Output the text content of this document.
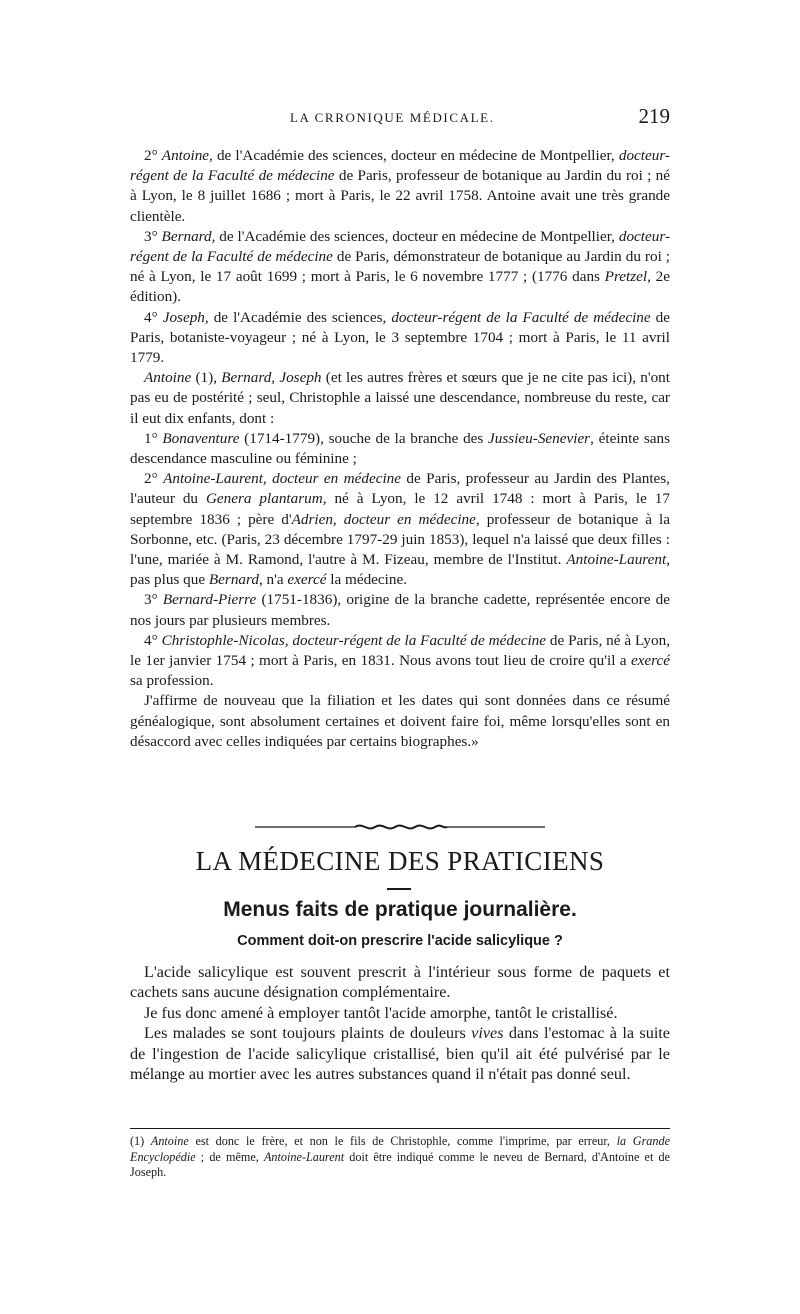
LA CRRONIQUE MÉDICALE.	219

2° Antoine, de l'Académie des sciences, docteur en médecine de Montpellier, docteur-régent de la Faculté de médecine de Paris, professeur de botanique au Jardin du roi ; né à Lyon, le 8 juillet 1686 ; mort à Paris, le 22 avril 1758. Antoine avait une très grande clientèle.

3° Bernard, de l'Académie des sciences, docteur en médecine de Montpellier, docteur-régent de la Faculté de médecine de Paris, démonstrateur de botanique au Jardin du roi ; né à Lyon, le 17 août 1699 ; mort à Paris, le 6 novembre 1777 ; (1776 dans Pretzel, 2e édition).

4° Joseph, de l'Académie des sciences, docteur-régent de la Faculté de médecine de Paris, botaniste-voyageur ; né à Lyon, le 3 septembre 1704 ; mort à Paris, le 11 avril 1779.

Antoine (1), Bernard, Joseph (et les autres frères et sœurs que je ne cite pas ici), n'ont pas eu de postérité ; seul, Christophle a laissé une descendance, nombreuse du reste, car il eut dix enfants, dont :

1° Bonaventure (1714-1779), souche de la branche des Jussieu-Senevier, éteinte sans descendance masculine ou féminine ;

2° Antoine-Laurent, docteur en médecine de Paris, professeur au Jardin des Plantes, l'auteur du Genera plantarum, né à Lyon, le 12 avril 1748 : mort à Paris, le 17 septembre 1836 ; père d'Adrien, docteur en médecine, professeur de botanique à la Sorbonne, etc. (Paris, 23 décembre 1797-29 juin 1853), lequel n'a laissé que deux filles : l'une, mariée à M. Ramond, l'autre à M. Fizeau, membre de l'Institut. Antoine-Laurent, pas plus que Bernard, n'a exercé la médecine.

3° Bernard-Pierre (1751-1836), origine de la branche cadette, représentée encore de nos jours par plusieurs membres.

4° Christophle-Nicolas, docteur-régent de la Faculté de médecine de Paris, né à Lyon, le 1er janvier 1754 ; mort à Paris, en 1831. Nous avons tout lieu de croire qu'il a exercé sa profession.

J'affirme de nouveau que la filiation et les dates qui sont données dans ce résumé généalogique, sont absolument certaines et doivent faire foi, même lorsqu'elles sont en désaccord avec celles indiquées par certains biographes.»

LA MÉDECINE DES PRATICIENS
Menus faits de pratique journalière.
Comment doit-on prescrire l'acide salicylique ?

L'acide salicylique est souvent prescrit à l'intérieur sous forme de paquets et cachets sans aucune désignation complémentaire.

Je fus donc amené à employer tantôt l'acide amorphe, tantôt le cristallisé.

Les malades se sont toujours plaints de douleurs vives dans l'estomac à la suite de l'ingestion de l'acide salicylique cristallisé, bien qu'il ait été pulvérisé par le mélange au mortier avec les autres substances quand il n'était pas donné seul.

(1) Antoine est donc le frère, et non le fils de Christophle, comme l'imprime, par erreur, la Grande Encyclopédie ; de même, Antoine-Laurent doit être indiqué comme le neveu de Bernard, d'Antoine et de Joseph.
